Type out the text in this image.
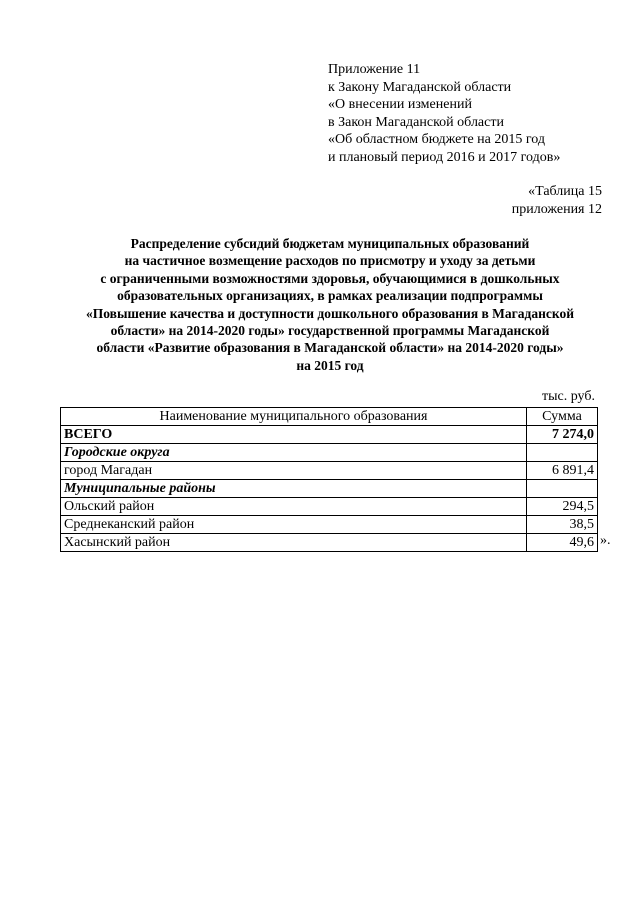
Приложение 11
к Закону Магаданской области
«О внесении изменений
в Закон Магаданской области
«Об областном бюджете на 2015 год
и плановый период 2016 и 2017 годов»
«Таблица 15
приложения 12
Распределение субсидий бюджетам муниципальных образований
на частичное возмещение расходов по присмотру и уходу за детьми
с ограниченными возможностями здоровья, обучающимися в дошкольных
образовательных организациях, в рамках реализации подпрограммы
«Повышение качества и доступности дошкольного образования в Магаданской
области» на 2014-2020 годы» государственной программы Магаданской
области «Развитие образования в Магаданской области» на 2014-2020 годы»
на 2015 год
тыс. руб.
Наименование муниципального образования	Сумма
ВСЕГО	7 274,0
Городские округа	
город Магадан	6 891,4
Муниципальные районы	
Ольский район	294,5
Среднеканский район	38,5
Хасынский район	49,6 ».
